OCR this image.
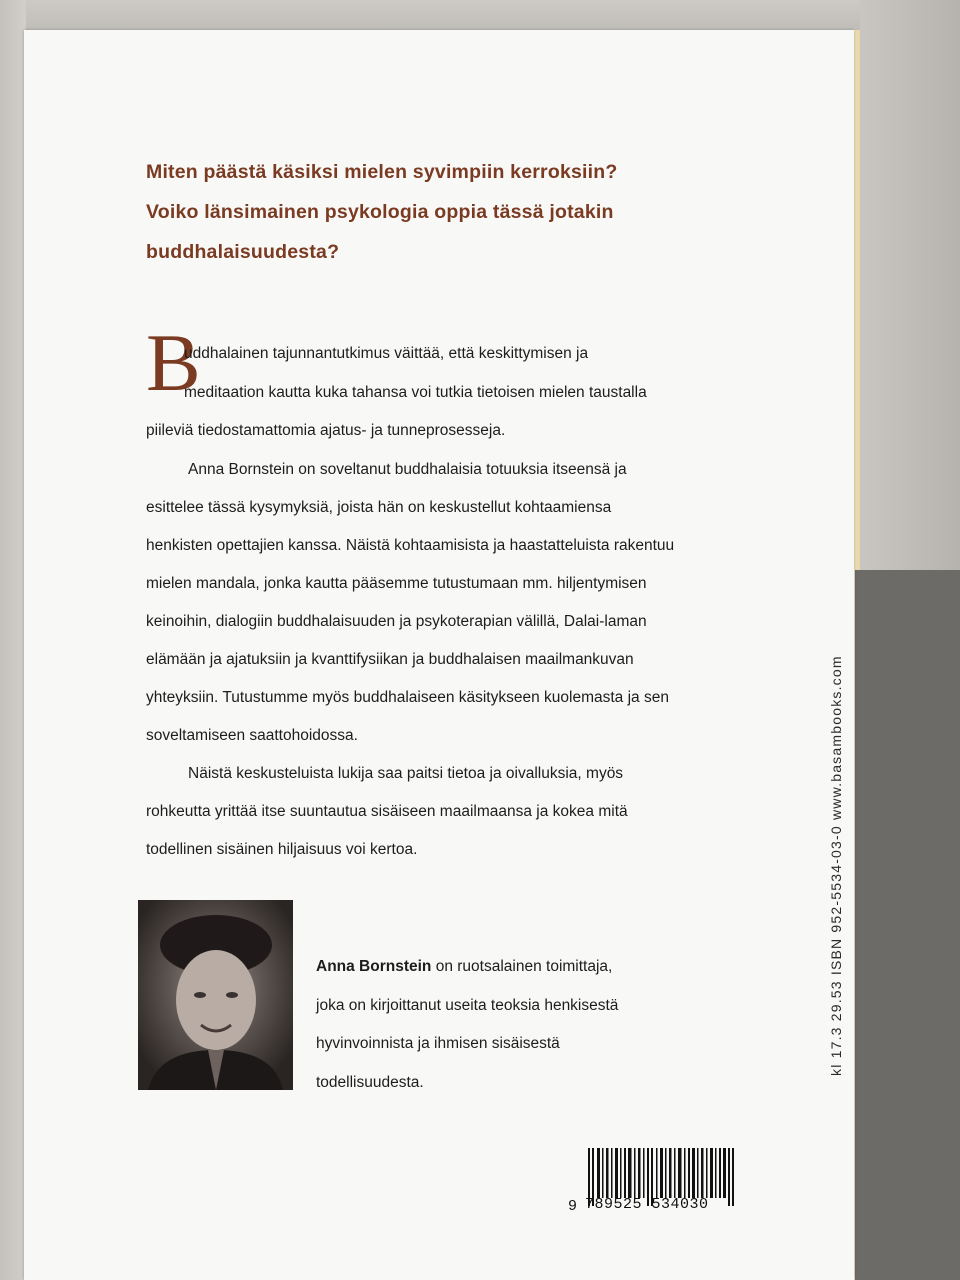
Miten päästä käsiksi mielen syvimpiin kerroksiin?
Voiko länsimainen psykologia oppia tässä jotakin
buddhalaisuudesta?
B
uddhalainen tajunnantutkimus väittää, että keskittymisen ja
meditaation kautta kuka tahansa voi tutkia tietoisen mielen taustalla
piileviä tiedostamattomia ajatus- ja tunneprosesseja.
Anna Bornstein on soveltanut buddhalaisia totuuksia itseensä ja
esittelee tässä kysymyksiä, joista hän on keskustellut kohtaamiensa
henkisten opettajien kanssa. Näistä kohtaamisista ja haastatteluista rakentuu
mielen mandala, jonka kautta pääsemme tutustumaan mm. hiljentymisen
keinoihin, dialogiin buddhalaisuuden ja psykoterapian välillä, Dalai-laman
elämään ja ajatuksiin ja kvanttifysiikan ja buddhalaisen maailmankuvan
yhteyksiin. Tutustumme myös buddhalaiseen käsitykseen kuolemasta ja sen
soveltamiseen saattohoidossa.
Näistä keskusteluista lukija saa paitsi tietoa ja oivalluksia, myös
rohkeutta yrittää itse suuntautua sisäiseen maailmaansa ja kokea mitä
todellinen sisäinen hiljaisuus voi kertoa.
Anna Bornstein on ruotsalainen toimittaja,
joka on kirjoittanut useita teoksia henkisestä
hyvinvoinnista ja ihmisen sisäisestä
todellisuudesta.
kl 17.3 29.53 ISBN 952-5534-03-0 www.basambooks.com
9 789525 534030
